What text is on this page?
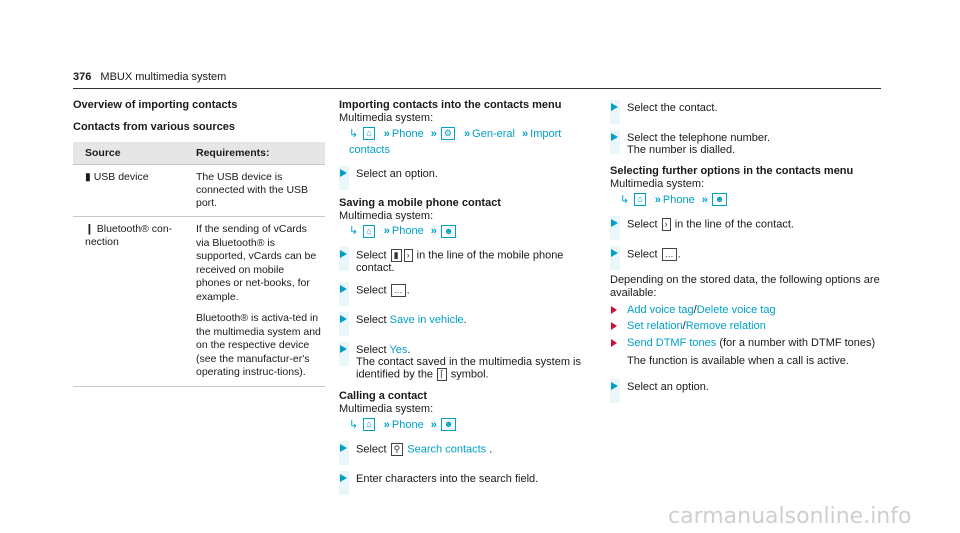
376 MBUX multimedia system
Overview of importing contacts
Contacts from various sources
Source	Requirements:
▮ USB device	The USB device is connected with the USB port.
❙ Bluetooth® con-nection	If the sending of vCards via Bluetooth® is supported, vCards can be received on mobile phones or net-books, for example.

Bluetooth® is activa-ted in the multimedia system and on the respective device (see the manufactur-er's operating instruc-tions).

Importing contacts into the contacts menu

Multimedia system:

↳ ⌂ » Phone » ⚙ » Gen-eral » Import contacts

Select an option.
Saving a mobile phone contact

Multimedia system:

↳ ⌂ » Phone » ☻

Select ▮ › in the line of the mobile phone contact.
Select … .
Select Save in vehicle.
Select Yes.
The contact saved in the multimedia system is identified by the ⌈ symbol.
Calling a contact

Multimedia system:

↳ ⌂ » Phone » ☻

Select ⚲ Search contacts .
Enter characters into the search field.
Select the contact.
Select the telephone number.
The number is dialled.
Selecting further options in the contacts menu

Multimedia system:

↳ ⌂ » Phone » ☻

Select › in the line of the contact.
Select … .

Depending on the stored data, the following options are available:

Add voice tag/Delete voice tag
Set relation/Remove relation
Send DTMF tones (for a number with DTMF tones)
The function is available when a call is active.
Select an option.
carmanualsonline.info
